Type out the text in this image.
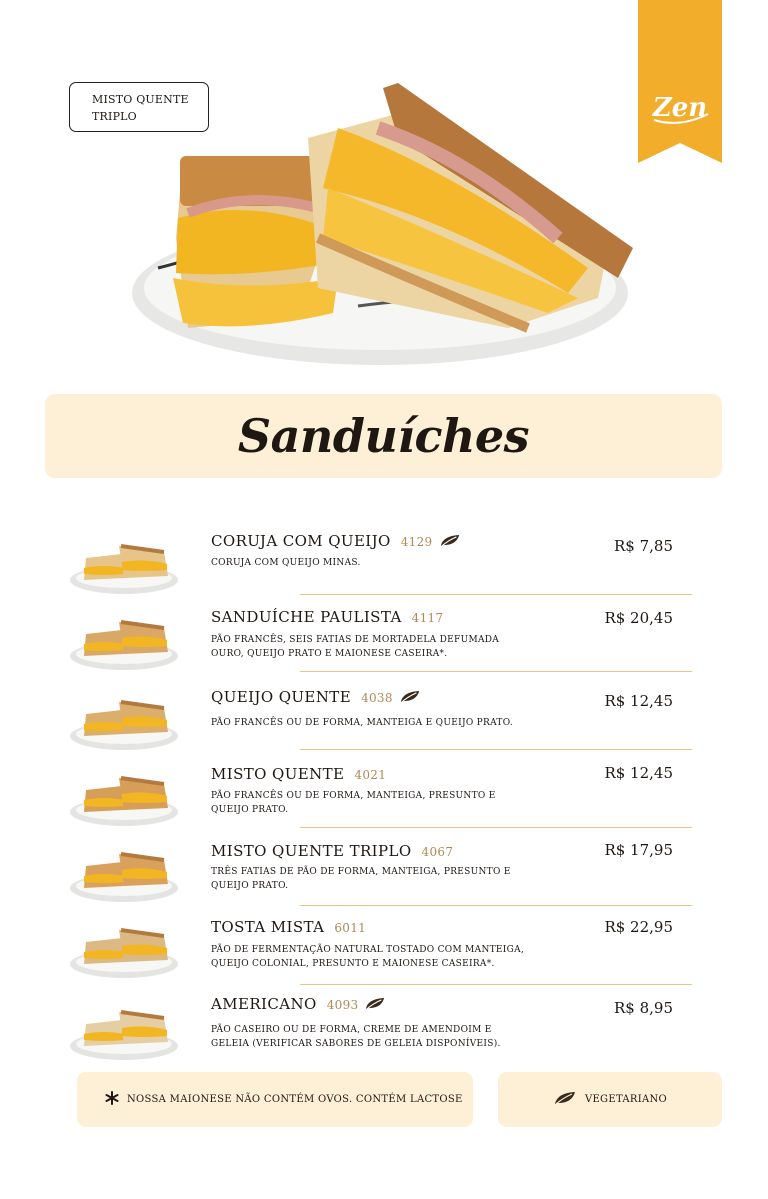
MISTO QUENTE
TRIPLO	Zen
Sanduíches
CORUJA COM QUEIJO 4129
CORUJA COM QUEIJO MINAS.
R$ 7,85
SANDUÍCHE PAULISTA 4117
PÃO FRANCÊS, SEIS FATIAS DE MORTADELA DEFUMADA OURO, QUEIJO PRATO E MAIONESE CASEIRA*.
R$ 20,45
QUEIJO QUENTE 4038
PÃO FRANCÊS OU DE FORMA, MANTEIGA E QUEIJO PRATO.
R$ 12,45
MISTO QUENTE 4021
PÃO FRANCÊS OU DE FORMA, MANTEIGA, PRESUNTO E QUEIJO PRATO.
R$ 12,45
MISTO QUENTE TRIPLO 4067
TRÊS FATIAS DE PÃO DE FORMA, MANTEIGA, PRESUNTO E QUEIJO PRATO.
R$ 17,95
TOSTA MISTA 6011
PÃO DE FERMENTAÇÃO NATURAL TOSTADO COM MANTEIGA, QUEIJO COLONIAL, PRESUNTO E MAIONESE CASEIRA*.
R$ 22,95
AMERICANO 4093
PÃO CASEIRO OU DE FORMA, CREME DE AMENDOIM E GELEIA (VERIFICAR SABORES DE GELEIA DISPONÍVEIS).
R$ 8,95
NOSSA MAIONESE NÃO CONTÉM OVOS. CONTÉM LACTOSE	VEGETARIANO
